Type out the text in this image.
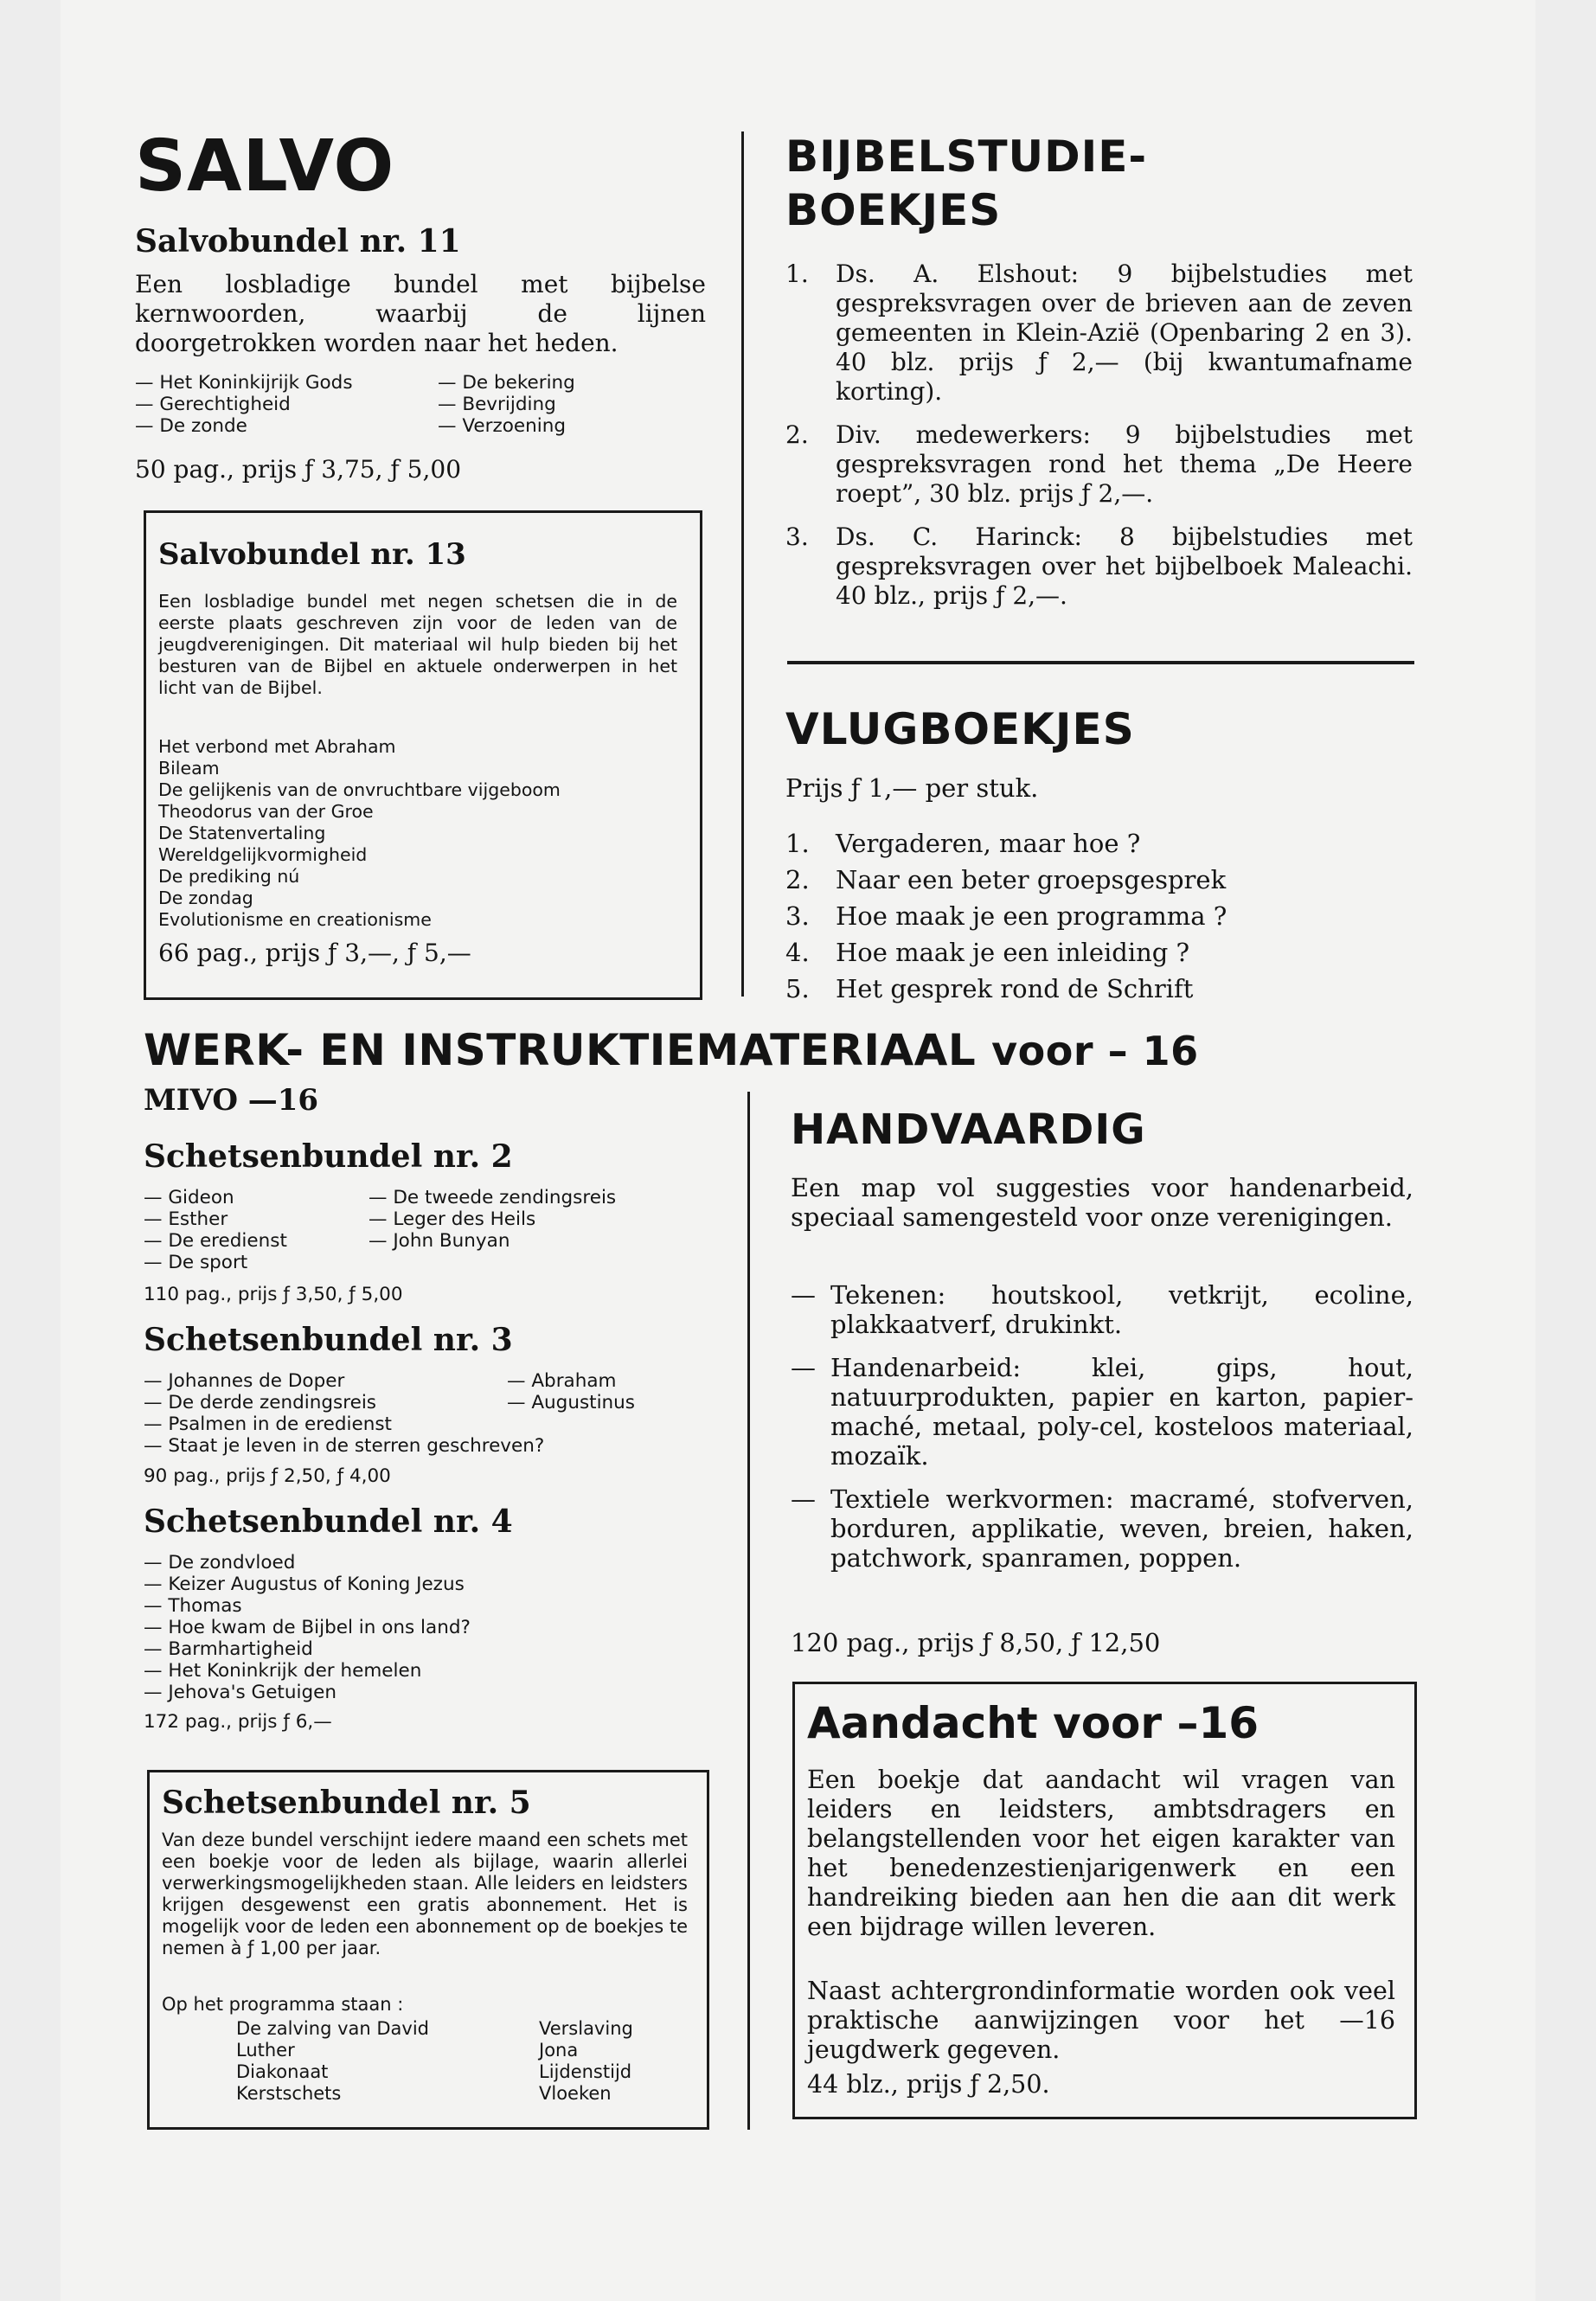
SALVO
Salvobundel nr. 11

Een losbladige bundel met bijbelse kernwoorden, waarbij de lijnen doorgetrokken worden naar het heden.

— Het Koninkijrijk Gods
— Gerechtigheid
— De zonde
— De bekering
— Bevrijding
— Verzoening
50 pag., prijs ƒ 3,75, ƒ 5,00
Salvobundel nr. 13

Een losbladige bundel met negen schetsen die in de eerste plaats geschreven zijn voor de leden van de jeugdverenigingen. Dit materiaal wil hulp bieden bij het besturen van de Bijbel en aktuele onderwerpen in het licht van de Bijbel.

Het verbond met Abraham
Bileam
De gelijkenis van de onvruchtbare vijgeboom
Theodorus van der Groe
De Statenvertaling
Wereldgelijkvormigheid
De prediking nú
De zondag
Evolutionisme en creationisme
66 pag., prijs ƒ 3,—, ƒ 5,—
BIJBELSTUDIE-
BOEKJES
1.	Ds. A. Elshout: 9 bijbelstudies met gespreksvragen over de brieven aan de zeven gemeenten in Klein-Azië (Openbaring 2 en 3). 40 blz. prijs ƒ 2,— (bij kwantumafname korting).
2.	Div. medewerkers: 9 bijbelstudies met gespreksvragen rond het thema „De Heere roept”, 30 blz. prijs ƒ 2,—.
3.	Ds. C. Harinck: 8 bijbelstudies met gespreksvragen over het bijbelboek Maleachi. 40 blz., prijs ƒ 2,—.
VLUGBOEKJES
Prijs ƒ 1,— per stuk.
1.	Vergaderen, maar hoe ?
2.	Naar een beter groepsgesprek
3.	Hoe maak je een programma ?
4.	Hoe maak je een inleiding ?
5.	Het gesprek rond de Schrift
WERK- EN INSTRUKTIEMATERIAAL voor – 16
MIVO —16
Schetsenbundel nr. 2
— Gideon
— Esther
— De eredienst
— De sport
— De tweede zendingsreis
— Leger des Heils
— John Bunyan
110 pag., prijs ƒ 3,50, ƒ 5,00
Schetsenbundel nr. 3
— Johannes de Doper
— De derde zendingsreis
— Psalmen in de eredienst
— Abraham
— Augustinus
— Staat je leven in de sterren geschreven?
90 pag., prijs ƒ 2,50, ƒ 4,00
Schetsenbundel nr. 4
— De zondvloed
— Keizer Augustus of Koning Jezus
— Thomas
— Hoe kwam de Bijbel in ons land?
— Barmhartigheid
— Het Koninkrijk der hemelen
— Jehova's Getuigen
172 pag., prijs ƒ 6,—
Schetsenbundel nr. 5

Van deze bundel verschijnt iedere maand een schets met een boekje voor de leden als bijlage, waarin allerlei verwerkingsmogelijkheden staan. Alle leiders en leidsters krijgen desgewenst een gratis abonnement. Het is mogelijk voor de leden een abonnement op de boekjes te nemen à ƒ 1,00 per jaar.

Op het programma staan :
De zalving van David
Luther
Diakonaat
Kerstschets
Verslaving
Jona
Lijdenstijd
Vloeken
HANDVAARDIG

Een map vol suggesties voor handenarbeid, speciaal samengesteld voor onze verenigingen.

— Tekenen: houtskool, vetkrijt, ecoline, plakkaatverf, drukinkt.
— Handenarbeid: klei, gips, hout, natuurprodukten, papier en karton, papier-maché, metaal, poly-cel, kosteloos materiaal, mozaïk.
— Textiele werkvormen: macramé, stofverven, borduren, applikatie, weven, breien, haken, patchwork, spanramen, poppen.
120 pag., prijs ƒ 8,50, ƒ 12,50
Aandacht voor –16

Een boekje dat aandacht wil vragen van leiders en leidsters, ambtsdragers en belangstellenden voor het eigen karakter van het benedenzestienjarigenwerk en een handreiking bieden aan hen die aan dit werk een bijdrage willen leveren.

Naast achtergrondinformatie worden ook veel praktische aanwijzingen voor het —16 jeugdwerk gegeven.

44 blz., prijs ƒ 2,50.
